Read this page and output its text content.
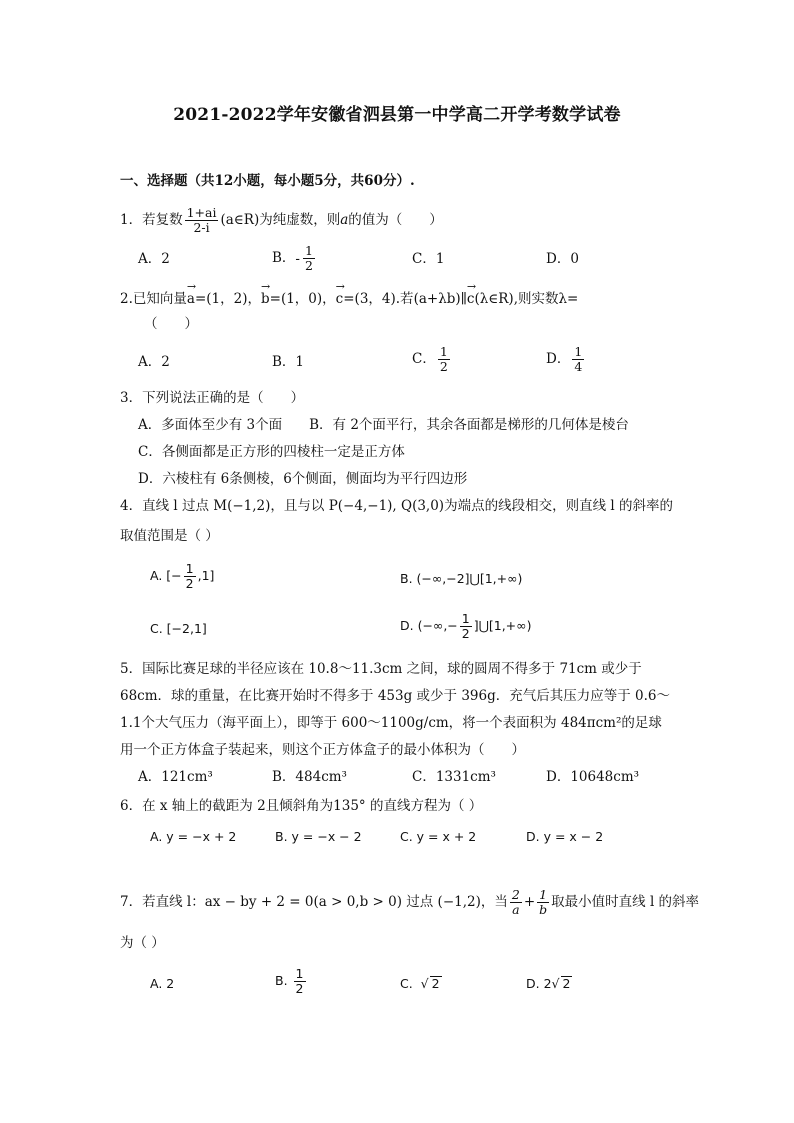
2021-2022学年安徽省泗县第一中学高二开学考数学试卷
一、选择题（共12小题，每小题5分，共60分）.
1．若复数 $\frac{1+ai}{2-i}$ (a∈R)为纯虚数，则a的值为（　　）
A．2	B．- $\frac{1}{2}$	C．1	D．0
2.已知向量→ a=(1，2)，→ b=(1，0)，→ c=(3，4).若(a+λb)∥→ c(λ∈R),则实数λ=
（　　）
A．2	B．1	C． $\frac{1}{2}$	D． $\frac{1}{4}$
3．下列说法正确的是（　　）
A．多面体至少有 3个面　　B．有 2个面平行，其余各面都是梯形的几何体是棱台
C．各侧面都是正方形的四棱柱一定是正方体
D．六棱柱有 6条侧棱，6个侧面，侧面均为平行四边形
4．直线 l 过点 M(−1,2)，且与以 P(−4,−1), Q(3,0)为端点的线段相交，则直线 l 的斜率的
取值范围是（ ）
A. [− $\frac{1}{2} ,1$]	B. (−∞,−2]⋃[1,+∞)
C. [−2,1]	D. (−∞,− $\frac{1}{2}$ ]⋃[1,+∞)
5．国际比赛足球的半径应该在 10.8～11.3cm 之间，球的圆周不得多于 71cm 或少于
68cm．球的重量，在比赛开始时不得多于 453g 或少于 396g．充气后其压力应等于 0.6～
1.1个大气压力（海平面上），即等于 600～1100g/cm，将一个表面积为 484πcm²的足球
用一个正方体盒子装起来，则这个正方体盒子的最小体积为（　　）
A．121cm³	B．484cm³	C．1331cm³	D．10648cm³
6．在 x 轴上的截距为 2且倾斜角为135° 的直线方程为（ ）
A. y = −x + 2	B. y = −x − 2	C. y = x + 2	D. y = x − 2
7．若直线 l：ax − by + 2 = 0(a > 0,b > 0) 过点 (−1,2)，当 $\frac{2}{a} + \frac{1}{b}$ 取最小值时直线 l 的斜率
为（ ）
A. 2	B. $\frac{1}{2}$	C.  √ 2	D. 2√ 2
